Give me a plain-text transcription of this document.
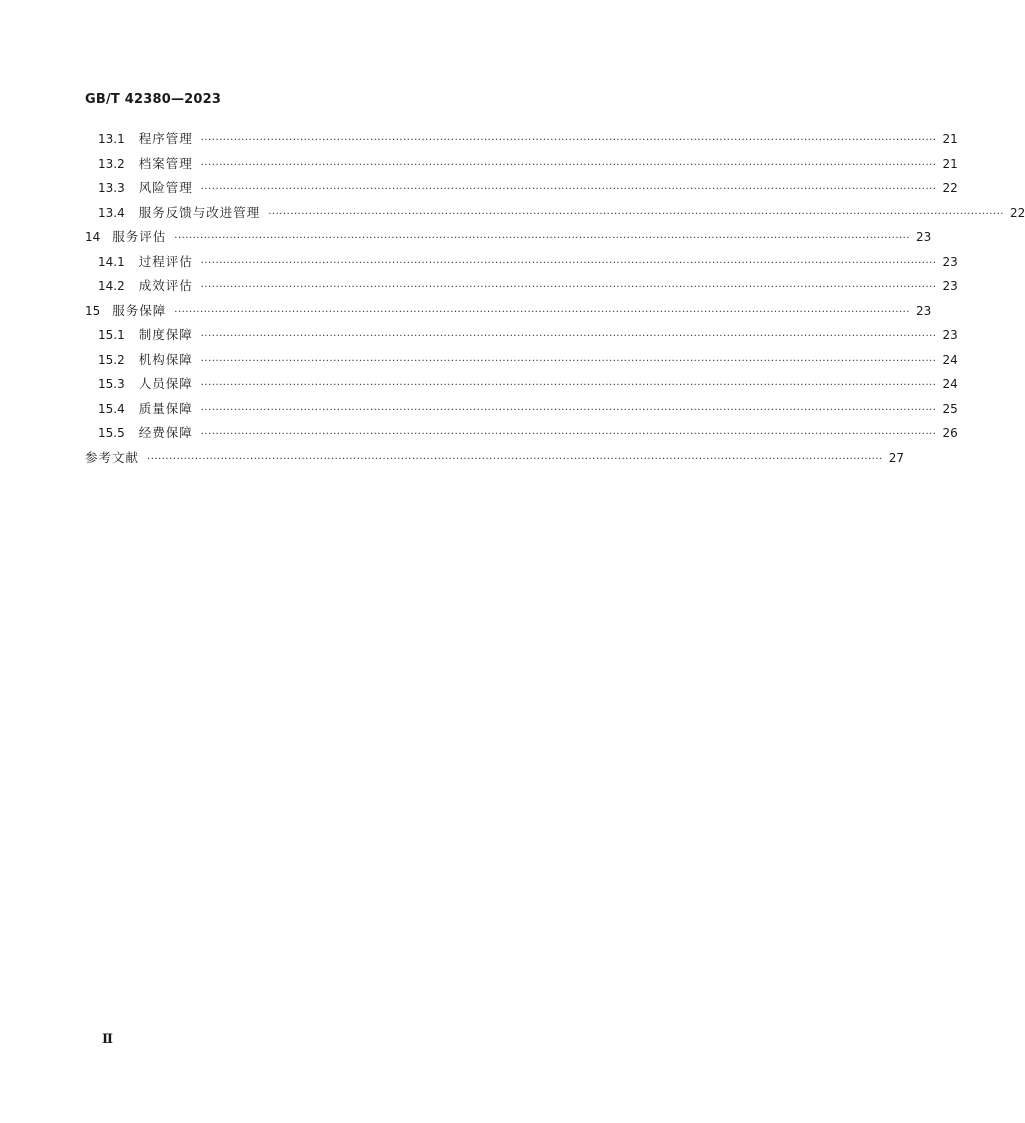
GB/T 42380—2023
13.1 程序管理 ········································································································································································································ 21
13.2 档案管理 ········································································································································································································ 21
13.3 风险管理 ········································································································································································································ 22
13.4 服务反馈与改进管理 ········································································································································································································ 22
14 服务评估 ········································································································································································································ 23
14.1 过程评估 ········································································································································································································ 23
14.2 成效评估 ········································································································································································································ 23
15 服务保障 ········································································································································································································ 23
15.1 制度保障 ········································································································································································································ 23
15.2 机构保障 ········································································································································································································ 24
15.3 人员保障 ········································································································································································································ 24
15.4 质量保障 ········································································································································································································ 25
15.5 经费保障 ········································································································································································································ 26
参考文献 ········································································································································································································ 27
Ⅱ
